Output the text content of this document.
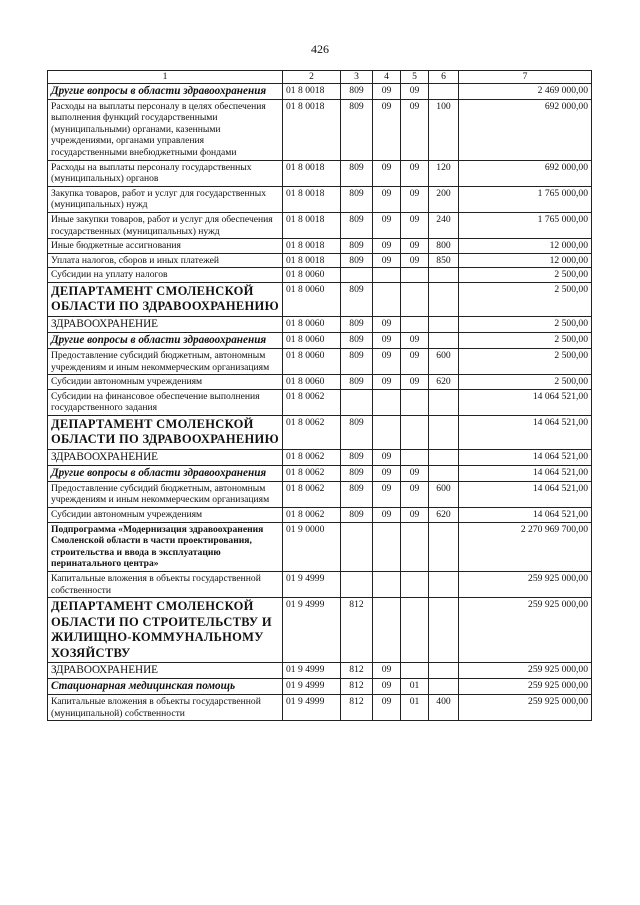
426
1	2	3	4	5	6	7
Другие вопросы в области здравоохранения	01 8 0018	809	09	09		2 469 000,00
Расходы на выплаты персоналу в целях обеспечения выполнения функций государственными (муниципальными) органами, казенными учреждениями, органами управления государственными внебюджетными фондами	01 8 0018	809	09	09	100	692 000,00
Расходы на выплаты персоналу государственных (муниципальных) органов	01 8 0018	809	09	09	120	692 000,00
Закупка товаров, работ и услуг для государственных (муниципальных) нужд	01 8 0018	809	09	09	200	1 765 000,00
Иные закупки товаров, работ и услуг для обеспечения государственных (муниципальных) нужд	01 8 0018	809	09	09	240	1 765 000,00
Иные бюджетные ассигнования	01 8 0018	809	09	09	800	12 000,00
Уплата налогов, сборов и иных платежей	01 8 0018	809	09	09	850	12 000,00
Субсидии на уплату налогов	01 8 0060					2 500,00
ДЕПАРТАМЕНТ СМОЛЕНСКОЙ ОБЛАСТИ ПО ЗДРАВООХРАНЕНИЮ	01 8 0060	809				2 500,00
ЗДРАВООХРАНЕНИЕ	01 8 0060	809	09			2 500,00
Другие вопросы в области здравоохранения	01 8 0060	809	09	09		2 500,00
Предоставление субсидий бюджетным, автономным учреждениям и иным некоммерческим организациям	01 8 0060	809	09	09	600	2 500,00
Субсидии автономным учреждениям	01 8 0060	809	09	09	620	2 500,00
Субсидии на финансовое обеспечение выполнения государственного задания	01 8 0062					14 064 521,00
ДЕПАРТАМЕНТ СМОЛЕНСКОЙ ОБЛАСТИ ПО ЗДРАВООХРАНЕНИЮ	01 8 0062	809				14 064 521,00
ЗДРАВООХРАНЕНИЕ	01 8 0062	809	09			14 064 521,00
Другие вопросы в области здравоохранения	01 8 0062	809	09	09		14 064 521,00
Предоставление субсидий бюджетным, автономным учреждениям и иным некоммерческим организациям	01 8 0062	809	09	09	600	14 064 521,00
Субсидии автономным учреждениям	01 8 0062	809	09	09	620	14 064 521,00
Подпрограмма «Модернизация здравоохранения Смоленской области в части проектирования, строительства и ввода в эксплуатацию перинатального центра»	01 9 0000					2 270 969 700,00
Капитальные вложения в объекты государственной собственности	01 9 4999					259 925 000,00
ДЕПАРТАМЕНТ СМОЛЕНСКОЙ ОБЛАСТИ ПО СТРОИТЕЛЬСТВУ И ЖИЛИЩНО-КОММУНАЛЬНОМУ ХОЗЯЙСТВУ	01 9 4999	812				259 925 000,00
ЗДРАВООХРАНЕНИЕ	01 9 4999	812	09			259 925 000,00
Стационарная медицинская помощь	01 9 4999	812	09	01		259 925 000,00
Капитальные вложения в объекты государственной (муниципальной) собственности	01 9 4999	812	09	01	400	259 925 000,00
